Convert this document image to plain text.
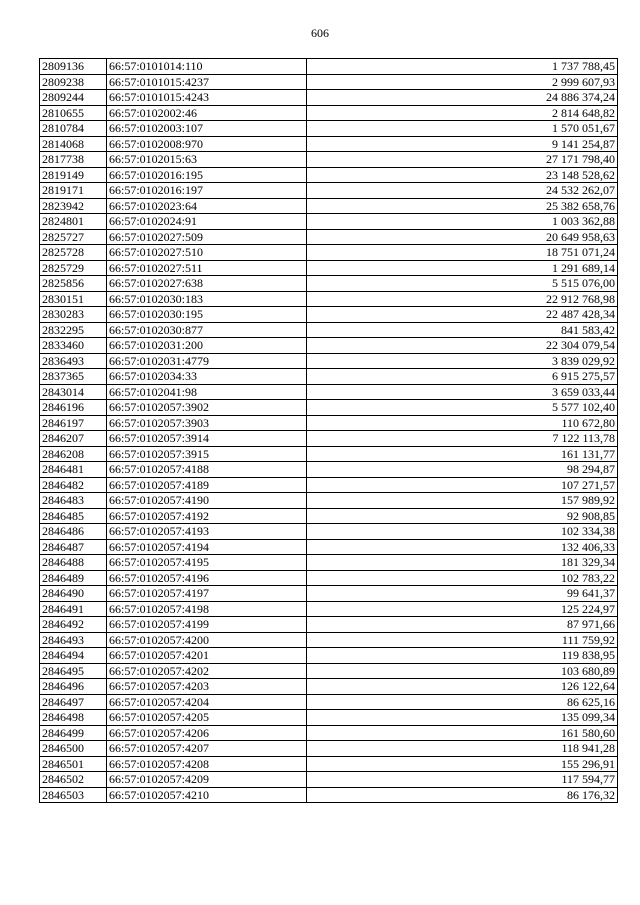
606
2809136	66:57:0101014:110	1 737 788,45
2809238	66:57:0101015:4237	2 999 607,93
2809244	66:57:0101015:4243	24 886 374,24
2810655	66:57:0102002:46	2 814 648,82
2810784	66:57:0102003:107	1 570 051,67
2814068	66:57:0102008:970	9 141 254,87
2817738	66:57:0102015:63	27 171 798,40
2819149	66:57:0102016:195	23 148 528,62
2819171	66:57:0102016:197	24 532 262,07
2823942	66:57:0102023:64	25 382 658,76
2824801	66:57:0102024:91	1 003 362,88
2825727	66:57:0102027:509	20 649 958,63
2825728	66:57:0102027:510	18 751 071,24
2825729	66:57:0102027:511	1 291 689,14
2825856	66:57:0102027:638	5 515 076,00
2830151	66:57:0102030:183	22 912 768,98
2830283	66:57:0102030:195	22 487 428,34
2832295	66:57:0102030:877	841 583,42
2833460	66:57:0102031:200	22 304 079,54
2836493	66:57:0102031:4779	3 839 029,92
2837365	66:57:0102034:33	6 915 275,57
2843014	66:57:0102041:98	3 659 033,44
2846196	66:57:0102057:3902	5 577 102,40
2846197	66:57:0102057:3903	110 672,80
2846207	66:57:0102057:3914	7 122 113,78
2846208	66:57:0102057:3915	161 131,77
2846481	66:57:0102057:4188	98 294,87
2846482	66:57:0102057:4189	107 271,57
2846483	66:57:0102057:4190	157 989,92
2846485	66:57:0102057:4192	92 908,85
2846486	66:57:0102057:4193	102 334,38
2846487	66:57:0102057:4194	132 406,33
2846488	66:57:0102057:4195	181 329,34
2846489	66:57:0102057:4196	102 783,22
2846490	66:57:0102057:4197	99 641,37
2846491	66:57:0102057:4198	125 224,97
2846492	66:57:0102057:4199	87 971,66
2846493	66:57:0102057:4200	111 759,92
2846494	66:57:0102057:4201	119 838,95
2846495	66:57:0102057:4202	103 680,89
2846496	66:57:0102057:4203	126 122,64
2846497	66:57:0102057:4204	86 625,16
2846498	66:57:0102057:4205	135 099,34
2846499	66:57:0102057:4206	161 580,60
2846500	66:57:0102057:4207	118 941,28
2846501	66:57:0102057:4208	155 296,91
2846502	66:57:0102057:4209	117 594,77
2846503	66:57:0102057:4210	86 176,32
